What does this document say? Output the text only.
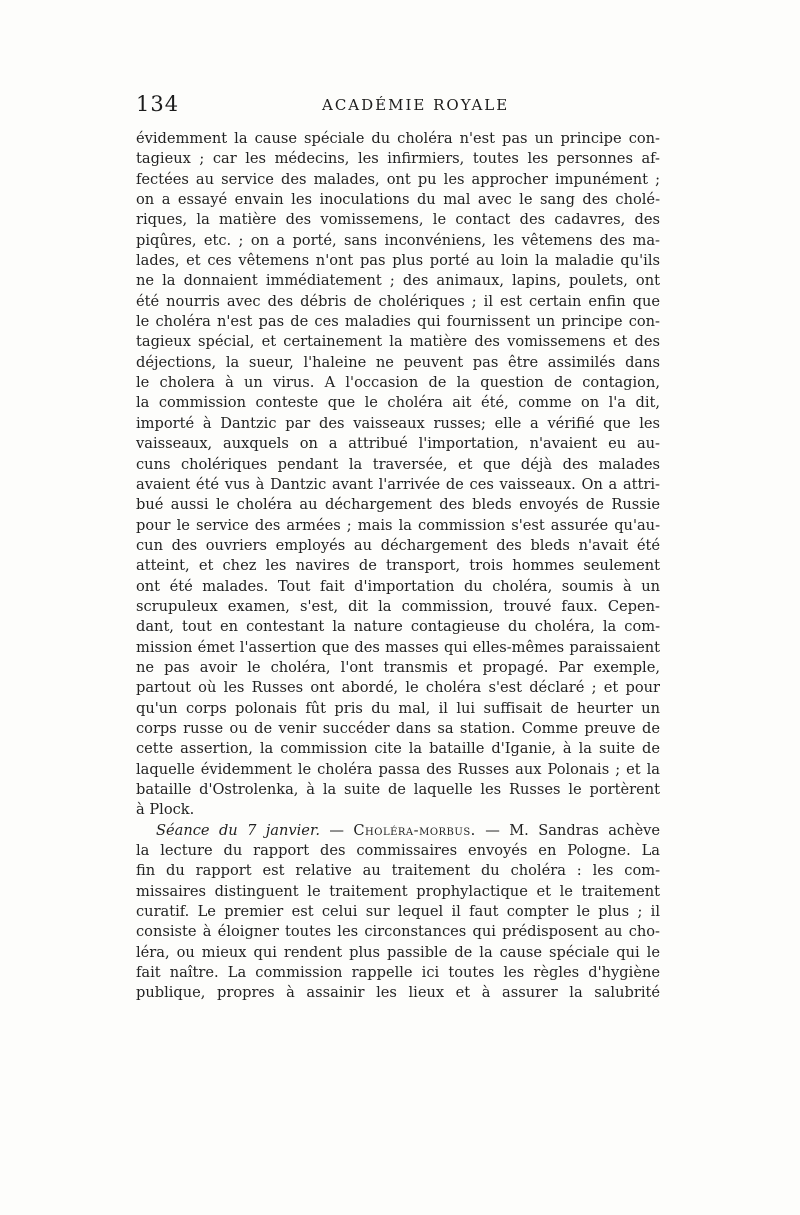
134	ACADÉMIE ROYALE
évidemment la cause spéciale du choléra n'est pas un principe con-
tagieux ; car les médecins, les infirmiers, toutes les personnes af-
fectées au service des malades, ont pu les approcher impunément ;
on a essayé envain les inoculations du mal avec le sang des cholé-
riques, la matière des vomissemens, le contact des cadavres, des
piqûres, etc. ; on a porté, sans inconvéniens, les vêtemens des ma-
lades, et ces vêtemens n'ont pas plus porté au loin la maladie qu'ils
ne la donnaient immédiatement ; des animaux, lapins, poulets, ont
été nourris avec des débris de cholériques ; il est certain enfin que
le choléra n'est pas de ces maladies qui fournissent un principe con-
tagieux spécial, et certainement la matière des vomissemens et des
déjections, la sueur, l'haleine ne peuvent pas être assimilés dans
le cholera à un virus. A l'occasion de la question de contagion,
la commission conteste que le choléra ait été, comme on l'a dit,
importé à Dantzic par des vaisseaux russes; elle a vérifié que les
vaisseaux, auxquels on a attribué l'importation, n'avaient eu au-
cuns cholériques pendant la traversée, et que déjà des malades
avaient été vus à Dantzic avant l'arrivée de ces vaisseaux. On a attri-
bué aussi le choléra au déchargement des bleds envoyés de Russie
pour le service des armées ; mais la commission s'est assurée qu'au-
cun des ouvriers employés au déchargement des bleds n'avait été
atteint, et chez les navires de transport, trois hommes seulement
ont été malades. Tout fait d'importation du choléra, soumis à un
scrupuleux examen, s'est, dit la commission, trouvé faux. Cepen-
dant, tout en contestant la nature contagieuse du choléra, la com-
mission émet l'assertion que des masses qui elles-mêmes paraissaient
ne pas avoir le choléra, l'ont transmis et propagé. Par exemple,
partout où les Russes ont abordé, le choléra s'est déclaré ; et pour
qu'un corps polonais fût pris du mal, il lui suffisait de heurter un
corps russe ou de venir succéder dans sa station. Comme preuve de
cette assertion, la commission cite la bataille d'Iganie, à la suite de
laquelle évidemment le choléra passa des Russes aux Polonais ; et la
bataille d'Ostrolenka, à la suite de laquelle les Russes le portèrent
à Plock.
Séance du 7 janvier. — Choléra-morbus. — M. Sandras achève
la lecture du rapport des commissaires envoyés en Pologne. La
fin du rapport est relative au traitement du choléra : les com-
missaires distinguent le traitement prophylactique et le traitement
curatif. Le premier est celui sur lequel il faut compter le plus ; il
consiste à éloigner toutes les circonstances qui prédisposent au cho-
léra, ou mieux qui rendent plus passible de la cause spéciale qui le
fait naître. La commission rappelle ici toutes les règles d'hygiène
publique, propres à assainir les lieux et à assurer la salubrité
